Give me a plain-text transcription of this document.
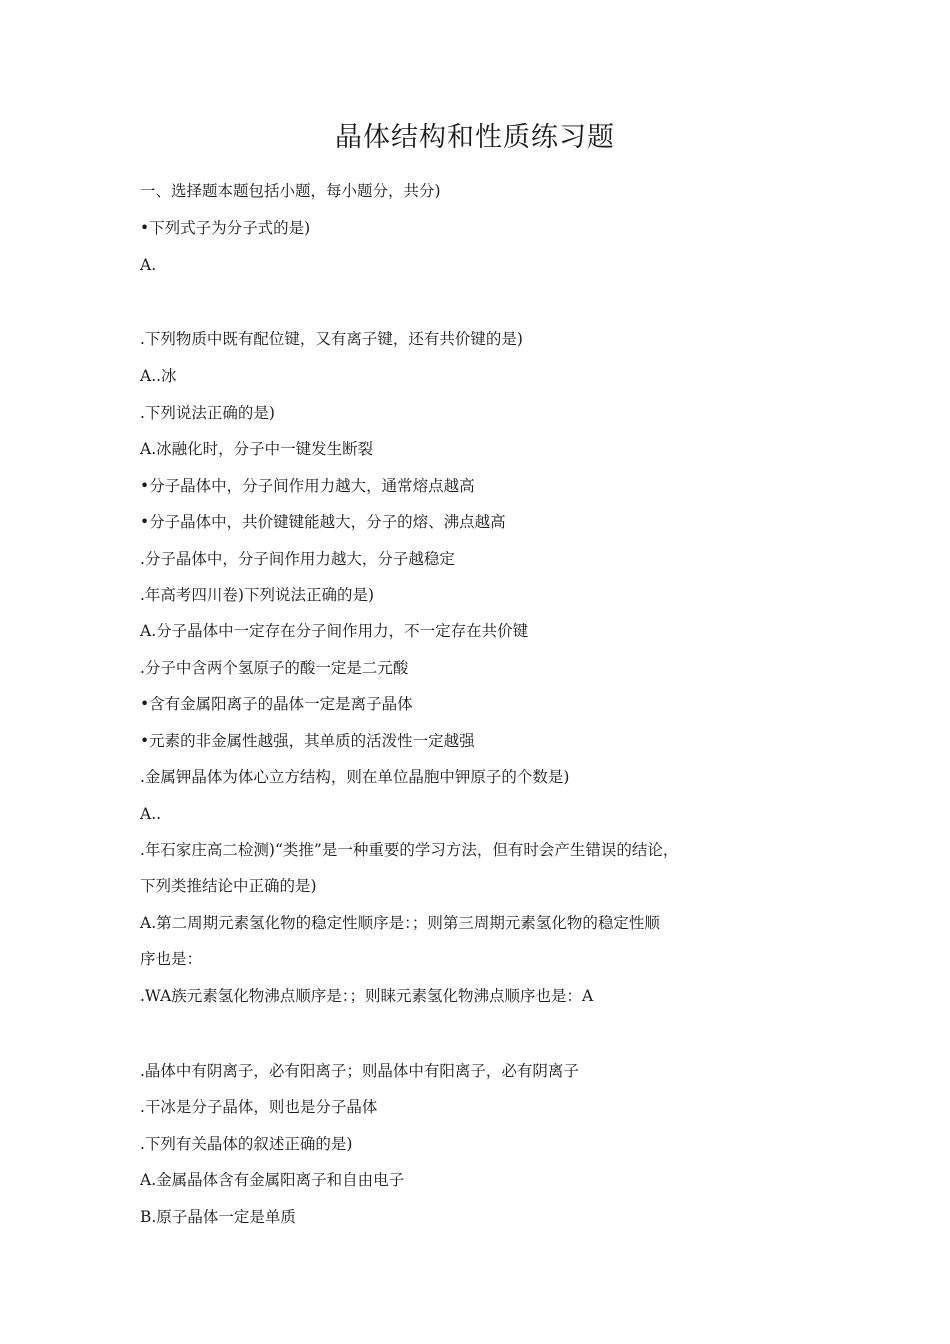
晶体结构和性质练习题
一、选择题本题包括小题，每小题分，共分)
•下列式子为分子式的是)
A.
.下列物质中既有配位键，又有离子键，还有共价键的是)
A..冰
.下列说法正确的是)
A.冰融化时，分子中一键发生断裂
•分子晶体中，分子间作用力越大，通常熔点越高
•分子晶体中，共价键键能越大，分子的熔、沸点越高
.分子晶体中，分子间作用力越大，分子越稳定
.年高考四川卷)下列说法正确的是)
A.分子晶体中一定存在分子间作用力，不一定存在共价键
.分子中含两个氢原子的酸一定是二元酸
•含有金属阳离子的晶体一定是离子晶体
•元素的非金属性越强，其单质的活泼性一定越强
.金属钾晶体为体心立方结构，则在单位晶胞中钾原子的个数是)
A..
.年石家庄高二检测)“类推”是一种重要的学习方法，但有时会产生错误的结论，
下列类推结论中正确的是)
A.第二周期元素氢化物的稳定性顺序是：；则第三周期元素氢化物的稳定性顺
序也是：
.WA族元素氢化物沸点顺序是：；则睐元素氢化物沸点顺序也是：A
.晶体中有阴离子，必有阳离子；则晶体中有阳离子，必有阴离子
.干冰是分子晶体，则也是分子晶体
.下列有关晶体的叙述正确的是)
A.金属晶体含有金属阳离子和自由电子
B.原子晶体一定是单质
